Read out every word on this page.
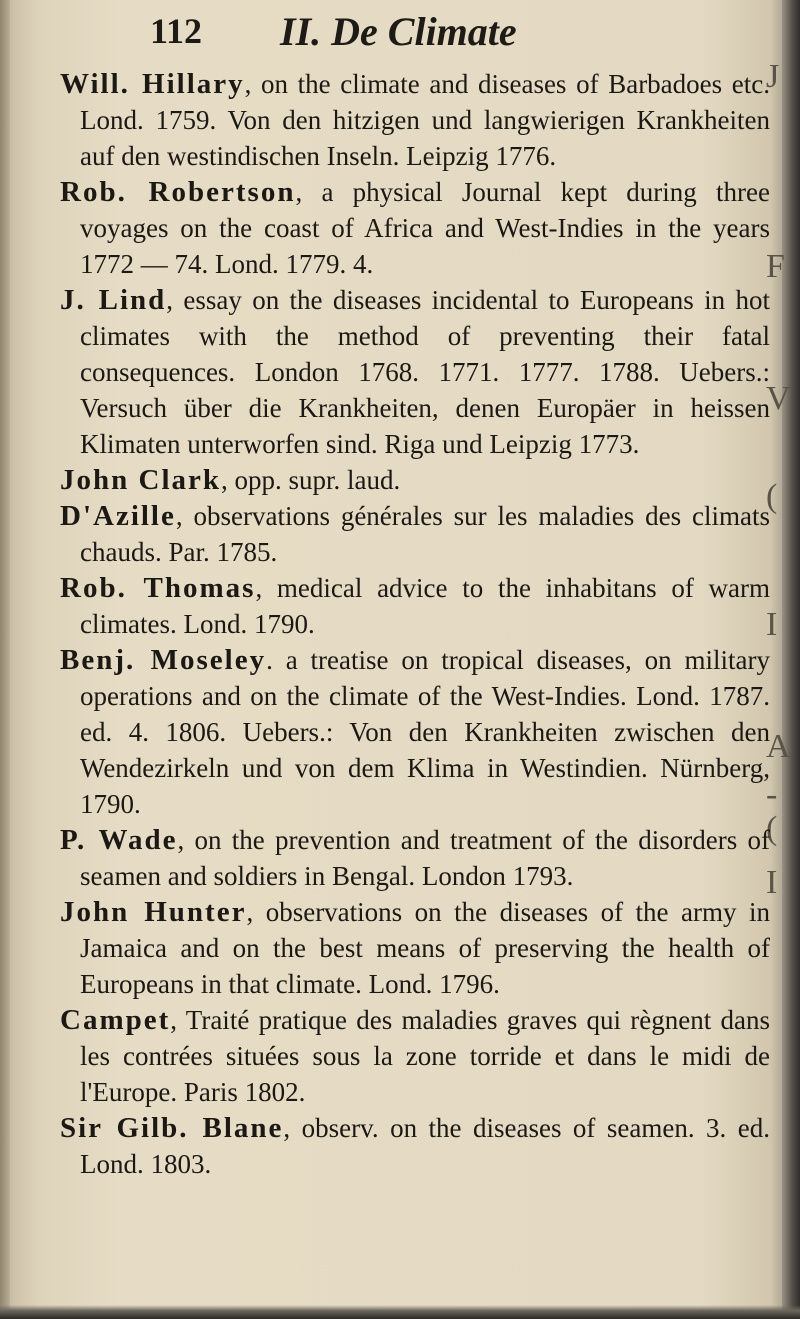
J
F
V
(
I
A
-
(
I
112 II. De Climate

Will. Hillary, on the climate and diseases of Barbadoes etc. Lond. 1759. Von den hitzigen und langwierigen Krankheiten auf den westindischen Inseln. Leipzig 1776.

Rob. Robertson, a physical Journal kept during three voyages on the coast of Africa and West-Indies in the years 1772 — 74. Lond. 1779. 4.

J. Lind, essay on the diseases incidental to Europeans in hot climates with the method of preventing their fatal consequences. London 1768. 1771. 1777. 1788. Uebers.: Versuch über die Krankheiten, denen Europäer in heissen Klimaten unterworfen sind. Riga und Leipzig 1773.

John Clark, opp. supr. laud.

D'Azille, observations générales sur les maladies des climats chauds. Par. 1785.

Rob. Thomas, medical advice to the inhabitans of warm climates. Lond. 1790.

Benj. Moseley. a treatise on tropical diseases, on military operations and on the climate of the West-Indies. Lond. 1787. ed. 4. 1806. Uebers.: Von den Krankheiten zwischen den Wendezirkeln und von dem Klima in Westindien. Nürnberg, 1790.

P. Wade, on the prevention and treatment of the disorders of seamen and soldiers in Bengal. London 1793.

John Hunter, observations on the diseases of the army in Jamaica and on the best means of preserving the health of Europeans in that climate. Lond. 1796.

Campet, Traité pratique des maladies graves qui règnent dans les contrées situées sous la zone torride et dans le midi de l'Europe. Paris 1802.

Sir Gilb. Blane, observ. on the diseases of seamen. 3. ed. Lond. 1803.
